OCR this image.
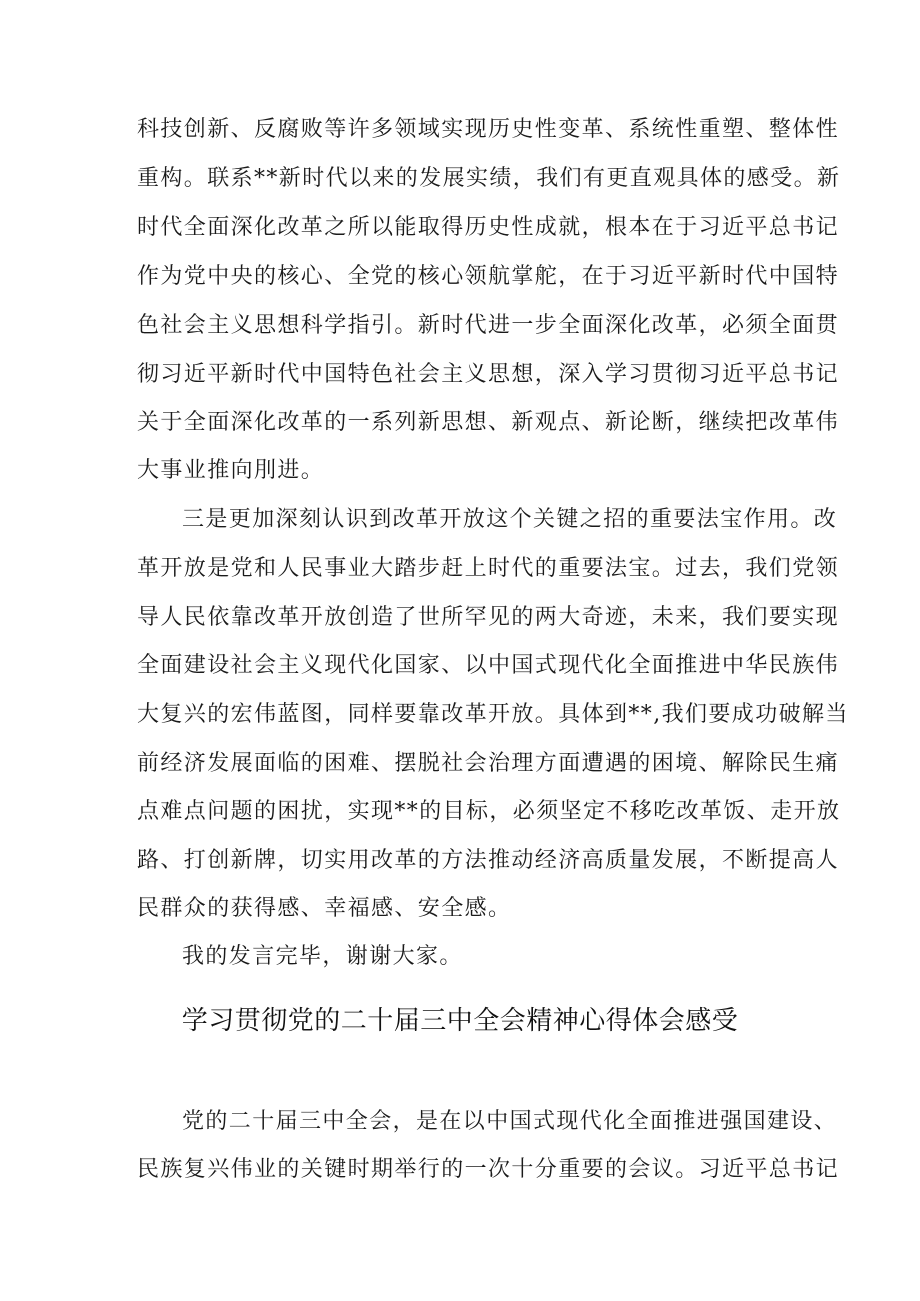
科技创新、反腐败等许多领域实现历史性变革、系统性重塑、整体性
重构。联系**新时代以来的发展实绩，我们有更直观具体的感受。新
时代全面深化改革之所以能取得历史性成就，根本在于习近平总书记
作为党中央的核心、全党的核心领航掌舵，在于习近平新时代中国特
色社会主义思想科学指引。新时代进一步全面深化改革，必须全面贯
彻习近平新时代中国特色社会主义思想，深入学习贯彻习近平总书记
关于全面深化改革的一系列新思想、新观点、新论断，继续把改革伟
大事业推向刖进。
三是更加深刻认识到改革开放这个关键之招的重要法宝作用。改
革开放是党和人民事业大踏步赶上时代的重要法宝。过去，我们党领
导人民依靠改革开放创造了世所罕见的两大奇迹，未来，我们要实现
全面建设社会主义现代化国家、以中国式现代化全面推进中华民族伟
大复兴的宏伟蓝图，同样要靠改革开放。具体到**,我们要成功破解当
前经济发展面临的困难、摆脱社会治理方面遭遇的困境、解除民生痛
点难点问题的困扰，实现**的目标，必须坚定不移吃改革饭、走开放
路、打创新牌，切实用改革的方法推动经济高质量发展，不断提高人
民群众的获得感、幸福感、安全感。
我的发言完毕，谢谢大家。
学习贯彻党的二十届三中全会精神心得体会感受
党的二十届三中全会，是在以中国式现代化全面推进强国建设、
民族复兴伟业的关键时期举行的一次十分重要的会议。习近平总书记
